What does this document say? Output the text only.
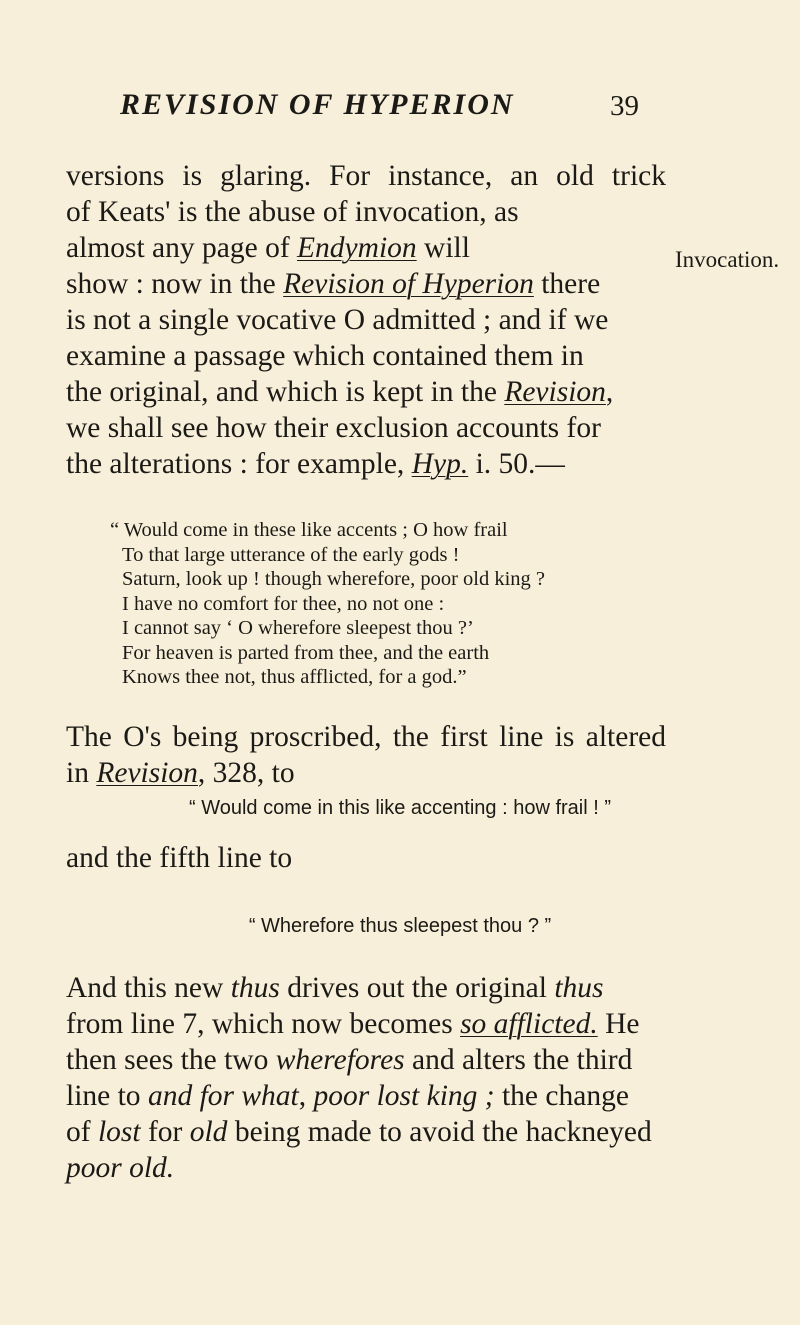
REVISION OF HYPERION	39
Invocation.
versions is glaring. For instance, an old trick
of Keats' is the abuse of invocation, as
almost any page of Endymion will
show : now in the Revision of Hyperion there
is not a single vocative O admitted ; and if we
examine a passage which contained them in
the original, and which is kept in the Revision,
we shall see how their exclusion accounts for
the alterations : for example, Hyp. i. 50.—
“ Would come in these like accents ; O how frail
To that large utterance of the early gods !
Saturn, look up ! though wherefore, poor old king ?
I have no comfort for thee, no not one :
I cannot say ‘ O wherefore sleepest thou ?’
For heaven is parted from thee, and the earth
Knows thee not, thus afflicted, for a god.”
The O's being proscribed, the first line is altered
in Revision, 328, to
“ Would come in this like accenting : how frail ! ”
and the fifth line to
“ Wherefore thus sleepest thou ? ”
And this new thus drives out the original thus
from line 7, which now becomes so afflicted. He
then sees the two wherefores and alters the third
line to and for what, poor lost king ; the change
of lost for old being made to avoid the hackneyed
poor old.
